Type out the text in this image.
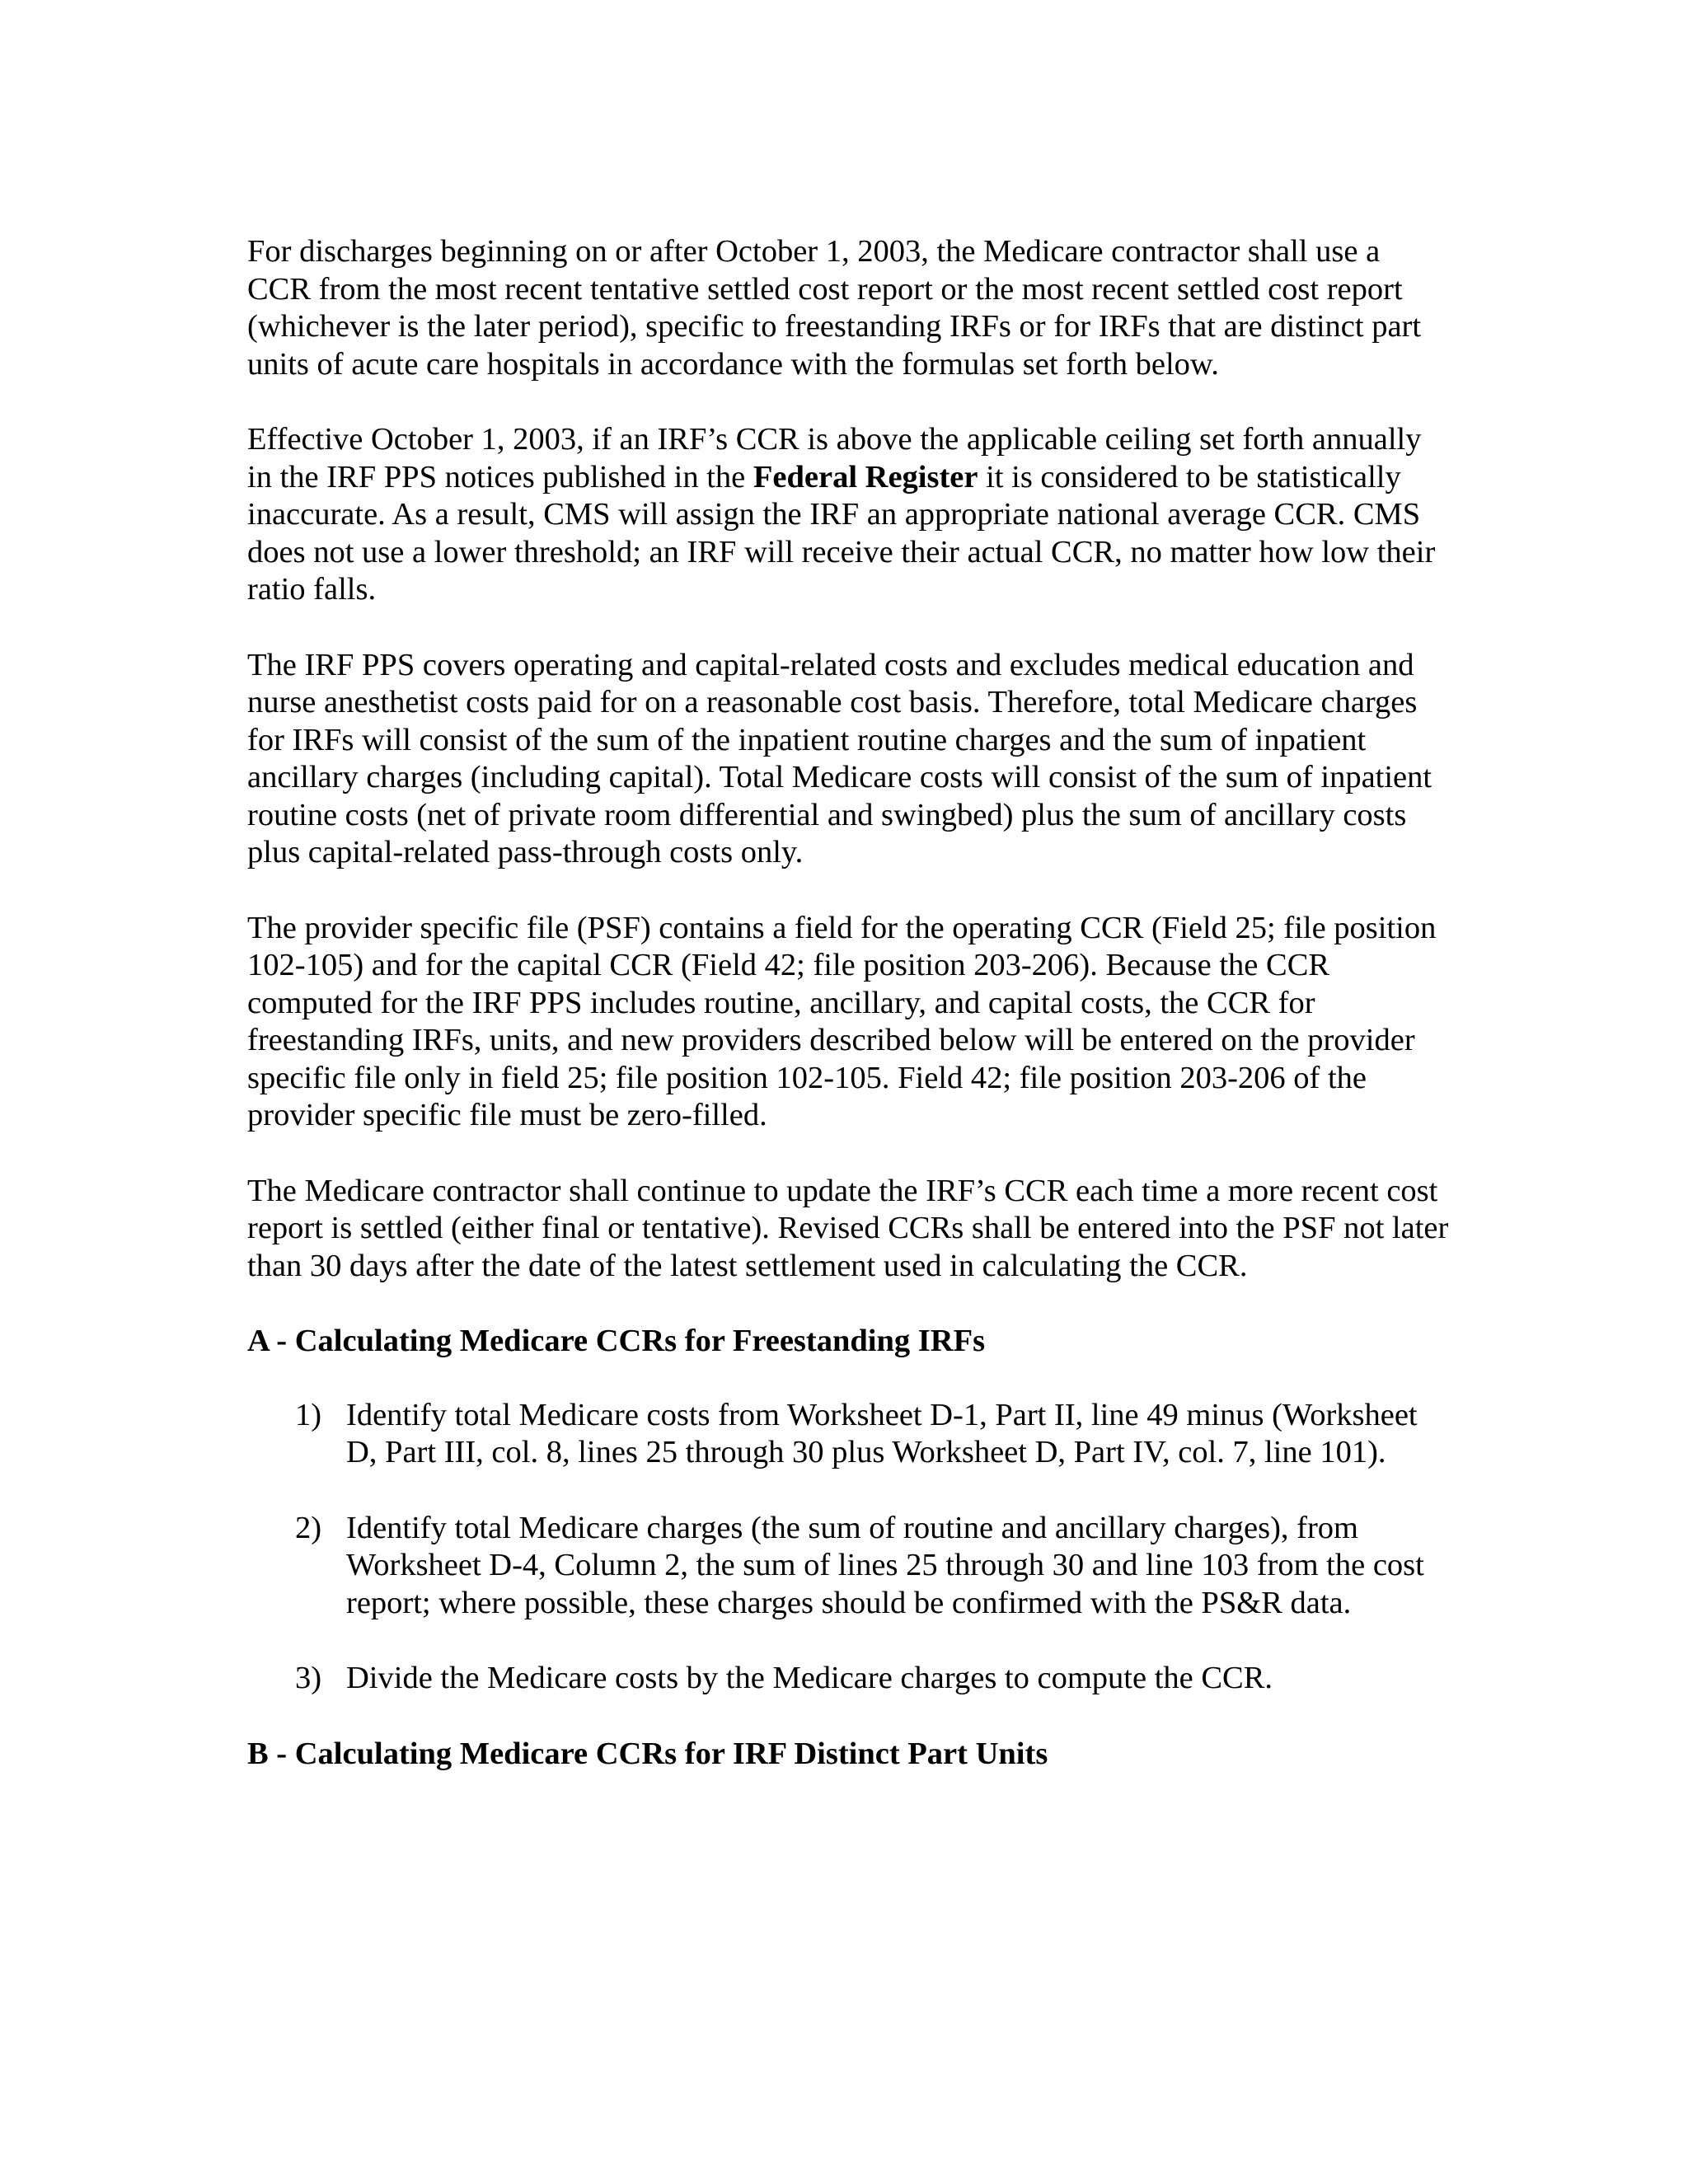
For discharges beginning on or after October 1, 2003, the Medicare contractor shall use a CCR from the most recent tentative settled cost report or the most recent settled cost report (whichever is the later period), specific to freestanding IRFs or for IRFs that are distinct part units of acute care hospitals in accordance with the formulas set forth below.

Effective October 1, 2003, if an IRF’s CCR is above the applicable ceiling set forth annually in the IRF PPS notices published in the Federal Register it is considered to be statistically inaccurate. As a result, CMS will assign the IRF an appropriate national average CCR. CMS does not use a lower threshold; an IRF will receive their actual CCR, no matter how low their ratio falls.

The IRF PPS covers operating and capital-related costs and excludes medical education and nurse anesthetist costs paid for on a reasonable cost basis. Therefore, total Medicare charges for IRFs will consist of the sum of the inpatient routine charges and the sum of inpatient ancillary charges (including capital). Total Medicare costs will consist of the sum of inpatient routine costs (net of private room differential and swingbed) plus the sum of ancillary costs plus capital-related pass-through costs only.

The provider specific file (PSF) contains a field for the operating CCR (Field 25; file position 102-105) and for the capital CCR (Field 42; file position 203-206). Because the CCR computed for the IRF PPS includes routine, ancillary, and capital costs, the CCR for freestanding IRFs, units, and new providers described below will be entered on the provider specific file only in field 25; file position 102-105. Field 42; file position 203-206 of the provider specific file must be zero-filled.

The Medicare contractor shall continue to update the IRF’s CCR each time a more recent cost report is settled (either final or tentative). Revised CCRs shall be entered into the PSF not later than 30 days after the date of the latest settlement used in calculating the CCR.

A - Calculating Medicare CCRs for Freestanding IRFs
1) Identify total Medicare costs from Worksheet D-1, Part II, line 49 minus (Worksheet D, Part III, col. 8, lines 25 through 30 plus Worksheet D, Part IV, col. 7, line 101).
2) Identify total Medicare charges (the sum of routine and ancillary charges), from Worksheet D-4, Column 2, the sum of lines 25 through 30 and line 103 from the cost report; where possible, these charges should be confirmed with the PS&R data.
3) Divide the Medicare costs by the Medicare charges to compute the CCR.
B - Calculating Medicare CCRs for IRF Distinct Part Units
